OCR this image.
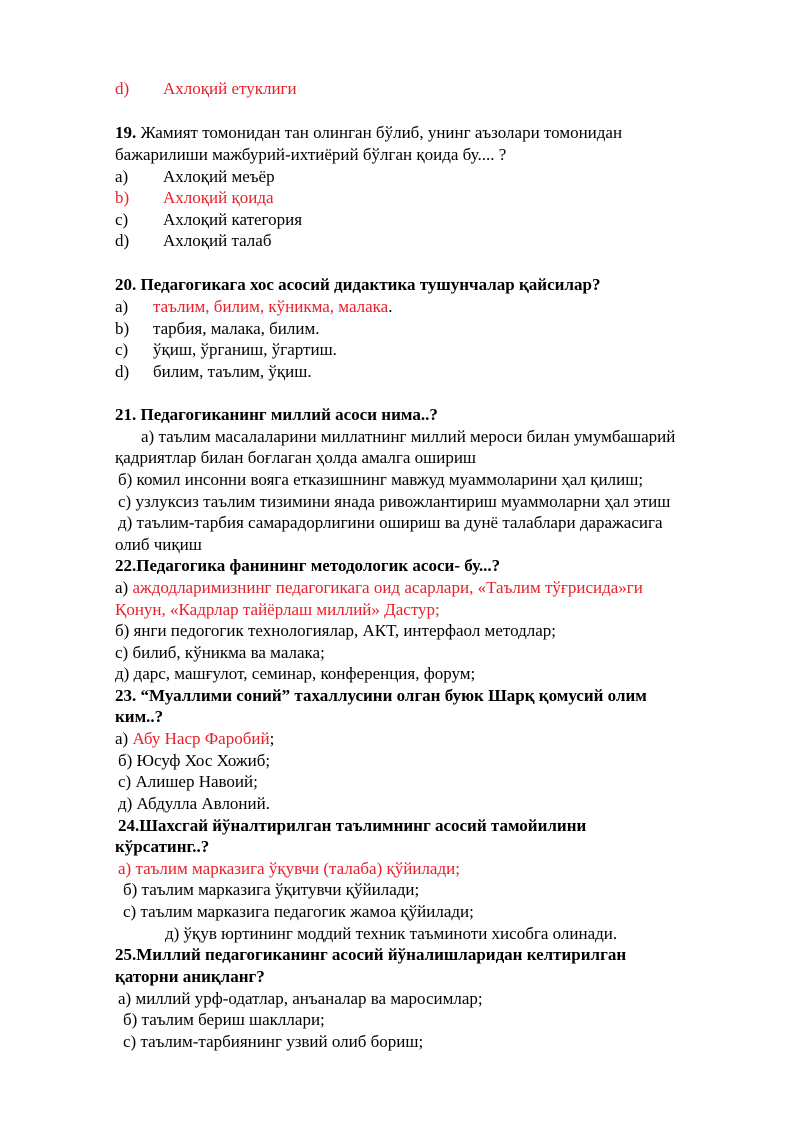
d) Ахлоқий етуклиги
19. Жамият томонидан тан олинган бўлиб, унинг аъзолари томонидан
бажарилиши мажбурий-ихтиёрий бўлган қоида бу.... ?
a) Ахлоқий меъёр
b) Ахлоқий қоида
c) Ахлоқий категория
d) Ахлоқий талаб
20. Педагогикага хос асосий дидактика тушунчалар қайсилар?
a) таълим, билим, кўникма, малака.
b) тарбия, малака, билим.
c) ўқиш, ўрганиш, ўгартиш.
d) билим, таълим, ўқиш.
21. Педагогиканинг миллий асоси нима..?
а) таълим масалаларини миллатнинг миллий мероси билан умумбашарий
қадриятлар билан боғлаган ҳолда амалга ошириш
б) комил инсонни вояга етказишнинг мавжуд муаммоларини ҳал қилиш;
с) узлуксиз таълим тизимини янада ривожлантириш муаммоларни ҳал этиш
д) таълим-тарбия самарадорлигини ошириш ва дунё талаблари даражасига
олиб чиқиш
22.Педагогика фанининг методологик асоси- бу...?
а) аждодларимизнинг педагогикага оид асарлари, «Таълим тўғрисида»ги
Қонун, «Кадрлар тайёрлаш миллий» Дастур;
б) янги педогогик технологиялар, АКТ, интерфаол методлар;
с) билиб, кўникма ва малака;
д) дарс, машғулот, семинар, конференция, форум;
23. “Муаллими соний” тахаллусини олган буюк Шарқ қомусий олим
ким..?
а) Абу Наср Фаробий;
б) Юсуф Хос Хожиб;
с) Алишер Навоий;
д) Абдулла Авлоний.
24.Шахсгай йўналтирилган таълимнинг асосий тамойилини
кўрсатинг..?
а) таълим марказига ўқувчи (талаба) қўйилади;
б) таълим марказига ўқитувчи қўйилади;
с) таълим марказига педагогик жамоа қўйилади;
д) ўқув юртининг моддий техник таъминоти хисобга олинади.
25.Миллий педагогиканинг асосий йўналишларидан келтирилган
қаторни аниқланг?
а) миллий урф-одатлар, анъаналар ва маросимлар;
б) таълим бериш шакллари;
с) таълим-тарбиянинг узвий олиб бориш;
